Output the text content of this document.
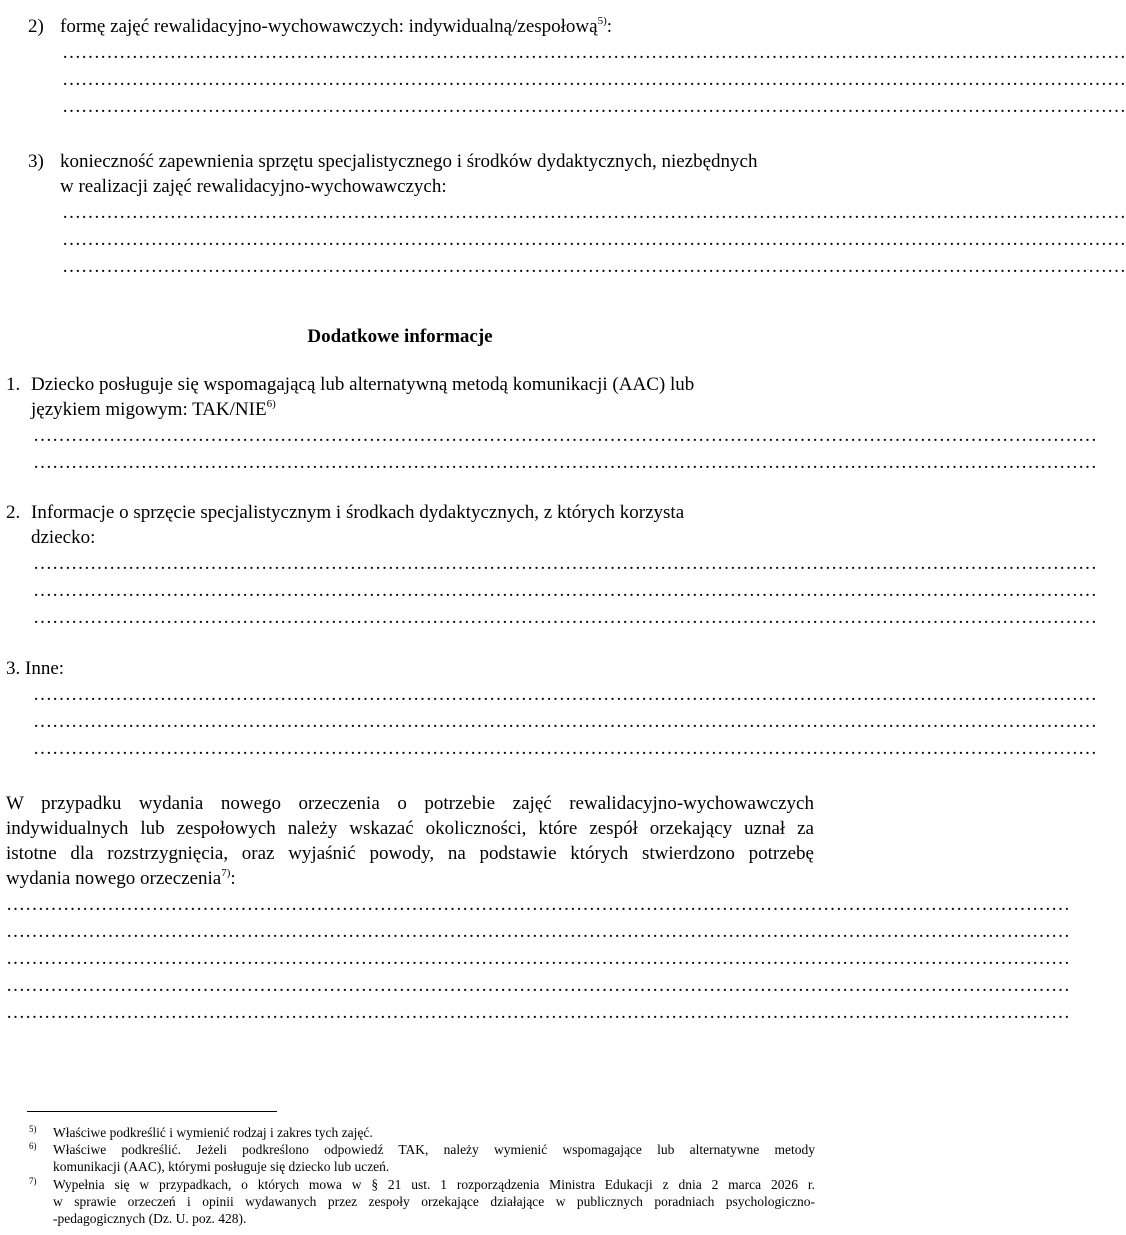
2) formę zajęć rewalidacyjno-wychowawczych: indywidualną/zespołową$^{5)}$:
……………………………………………………………………………………………………………………………………………………
……………………………………………………………………………………………………………………………………………………
……………………………………………………………………………………………………………………………………………………
3) konieczność zapewnienia sprzętu specjalistycznego i środków dydaktycznych, niezbędnych
w realizacji zajęć rewalidacyjno-wychowawczych:
……………………………………………………………………………………………………………………………………………………
……………………………………………………………………………………………………………………………………………………
……………………………………………………………………………………………………………………………………………………
Dodatkowe informacje
1. Dziecko posługuje się wspomagającą lub alternatywną metodą komunikacji (AAC) lub
językiem migowym: TAK/NIE$^{6)}$
……………………………………………………………………………………………………………………………………………………
……………………………………………………………………………………………………………………………………………………
2. Informacje o sprzęcie specjalistycznym i środkach dydaktycznych, z których korzysta
dziecko:
……………………………………………………………………………………………………………………………………………………
……………………………………………………………………………………………………………………………………………………
……………………………………………………………………………………………………………………………………………………
3. Inne:
……………………………………………………………………………………………………………………………………………………
……………………………………………………………………………………………………………………………………………………
……………………………………………………………………………………………………………………………………………………
W przypadku wydania nowego orzeczenia o potrzebie zajęć rewalidacyjno-wychowawczych
indywidualnych lub zespołowych należy wskazać okoliczności, które zespół orzekający uznał za
istotne dla rozstrzygnięcia, oraz wyjaśnić powody, na podstawie których stwierdzono potrzebę
wydania nowego orzeczenia$^{7)}$:
……………………………………………………………………………………………………………………………………………………
……………………………………………………………………………………………………………………………………………………
……………………………………………………………………………………………………………………………………………………
……………………………………………………………………………………………………………………………………………………
……………………………………………………………………………………………………………………………………………………
5) Właściwe podkreślić i wymienić rodzaj i zakres tych zajęć.
6) Właściwe podkreślić. Jeżeli podkreślono odpowiedź TAK, należy wymienić wspomagające lub alternatywne metody
komunikacji (AAC), którymi posługuje się dziecko lub uczeń.
7) Wypełnia się w przypadkach, o których mowa w § 21 ust. 1 rozporządzenia Ministra Edukacji z dnia 2 marca 2026 r.
w sprawie orzeczeń i opinii wydawanych przez zespoły orzekające działające w publicznych poradniach psychologiczno-
-pedagogicznych (Dz. U. poz. 428).
